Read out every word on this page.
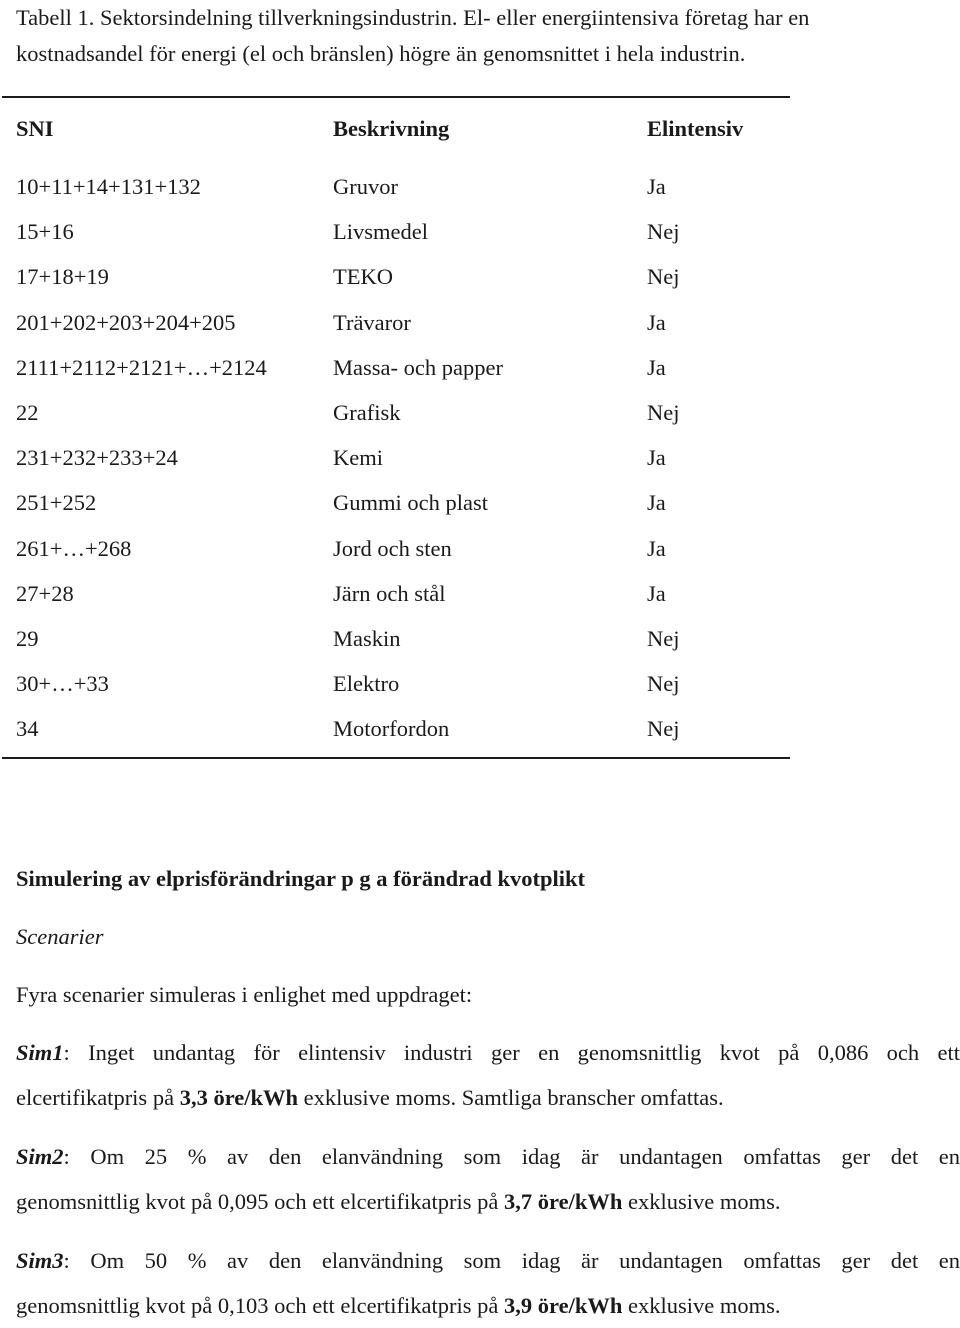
Tabell 1. Sektorsindelning tillverkningsindustrin. El- eller energiintensiva företag har en
kostnadsandel för energi (el och bränslen) högre än genomsnittet i hela industrin.
SNI	Beskrivning	Elintensiv
10+11+14+131+132	Gruvor	Ja
15+16	Livsmedel	Nej
17+18+19	TEKO	Nej
201+202+203+204+205	Trävaror	Ja
2111+2112+2121+…+2124	Massa- och papper	Ja
22	Grafisk	Nej
231+232+233+24	Kemi	Ja
251+252	Gummi och plast	Ja
261+…+268	Jord och sten	Ja
27+28	Järn och stål	Ja
29	Maskin	Nej
30+…+33	Elektro	Nej
34	Motorfordon	Nej
Simulering av elprisförändringar p g a förändrad kvotplikt
Scenarier
Fyra scenarier simuleras i enlighet med uppdraget:
Sim1: Inget undantag för elintensiv industri ger en genomsnittlig kvot på 0,086 och ett
elcertifikatpris på 3,3 öre/kWh exklusive moms. Samtliga branscher omfattas.
Sim2: Om 25 % av den elanvändning som idag är undantagen omfattas ger det en
genomsnittlig kvot på 0,095 och ett elcertifikatpris på 3,7 öre/kWh exklusive moms.
Sim3: Om 50 % av den elanvändning som idag är undantagen omfattas ger det en
genomsnittlig kvot på 0,103 och ett elcertifikatpris på 3,9 öre/kWh exklusive moms.
